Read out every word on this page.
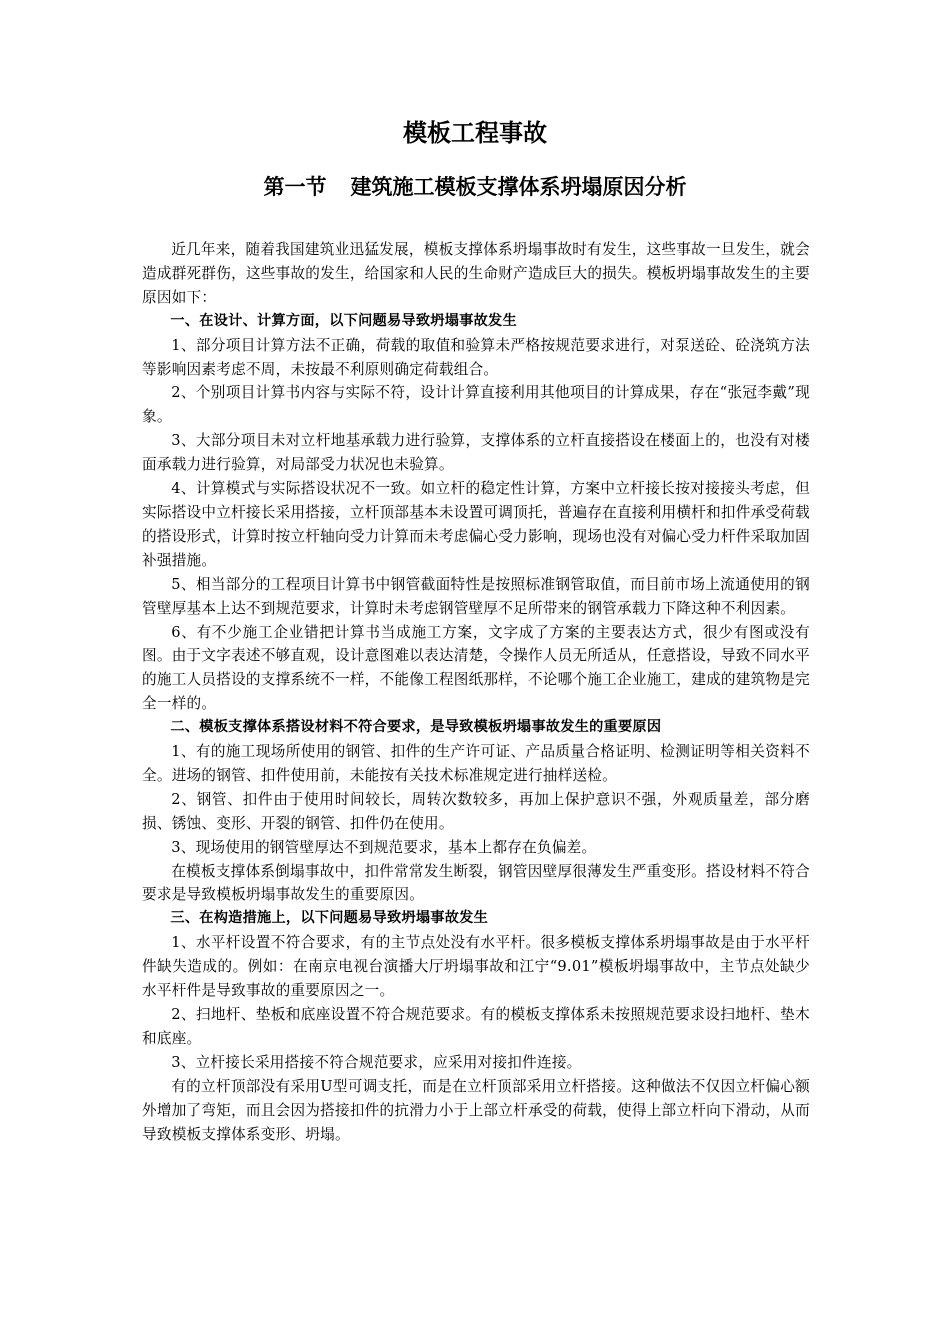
模板工程事故
第一节 建筑施工模板支撑体系坍塌原因分析

近几年来，随着我国建筑业迅猛发展，模板支撑体系坍塌事故时有发生，这些事故一旦发生，就会造成群死群伤，这些事故的发生，给国家和人民的生命财产造成巨大的损失。模板坍塌事故发生的主要原因如下：

一、在设计、计算方面，以下问题易导致坍塌事故发生

1、部分项目计算方法不正确，荷载的取值和验算未严格按规范要求进行，对泵送砼、砼浇筑方法等影响因素考虑不周，未按最不利原则确定荷载组合。

2、个别项目计算书内容与实际不符，设计计算直接利用其他项目的计算成果，存在“张冠李戴”现象。

3、大部分项目未对立杆地基承载力进行验算，支撑体系的立杆直接搭设在楼面上的，也没有对楼面承载力进行验算，对局部受力状况也未验算。

4、计算模式与实际搭设状况不一致。如立杆的稳定性计算，方案中立杆接长按对接接头考虑，但实际搭设中立杆接长采用搭接，立杆顶部基本未设置可调顶托，普遍存在直接利用横杆和扣件承受荷载的搭设形式，计算时按立杆轴向受力计算而未考虑偏心受力影响，现场也没有对偏心受力杆件采取加固补强措施。

5、相当部分的工程项目计算书中钢管截面特性是按照标准钢管取值，而目前市场上流通使用的钢管壁厚基本上达不到规范要求，计算时未考虑钢管壁厚不足所带来的钢管承载力下降这种不利因素。

6、有不少施工企业错把计算书当成施工方案，文字成了方案的主要表达方式，很少有图或没有图。由于文字表述不够直观，设计意图难以表达清楚，令操作人员无所适从，任意搭设，导致不同水平的施工人员搭设的支撑系统不一样，不能像工程图纸那样，不论哪个施工企业施工，建成的建筑物是完全一样的。

二、模板支撑体系搭设材料不符合要求，是导致模板坍塌事故发生的重要原因

1、有的施工现场所使用的钢管、扣件的生产许可证、产品质量合格证明、检测证明等相关资料不全。进场的钢管、扣件使用前，未能按有关技术标准规定进行抽样送检。

2、钢管、扣件由于使用时间较长，周转次数较多，再加上保护意识不强，外观质量差，部分磨损、锈蚀、变形、开裂的钢管、扣件仍在使用。

3、现场使用的钢管壁厚达不到规范要求，基本上都存在负偏差。

在模板支撑体系倒塌事故中，扣件常常发生断裂，钢管因壁厚很薄发生严重变形。搭设材料不符合要求是导致模板坍塌事故发生的重要原因。

三、在构造措施上，以下问题易导致坍塌事故发生

1、水平杆设置不符合要求，有的主节点处没有水平杆。很多模板支撑体系坍塌事故是由于水平杆件缺失造成的。例如：在南京电视台演播大厅坍塌事故和江宁“9.01”模板坍塌事故中，主节点处缺少水平杆件是导致事故的重要原因之一。

2、扫地杆、垫板和底座设置不符合规范要求。有的模板支撑体系未按照规范要求设扫地杆、垫木和底座。

3、立杆接长采用搭接不符合规范要求，应采用对接扣件连接。

有的立杆顶部没有采用U型可调支托，而是在立杆顶部采用立杆搭接。这种做法不仅因立杆偏心额外增加了弯矩，而且会因为搭接扣件的抗滑力小于上部立杆承受的荷载，使得上部立杆向下滑动，从而导致模板支撑体系变形、坍塌。
